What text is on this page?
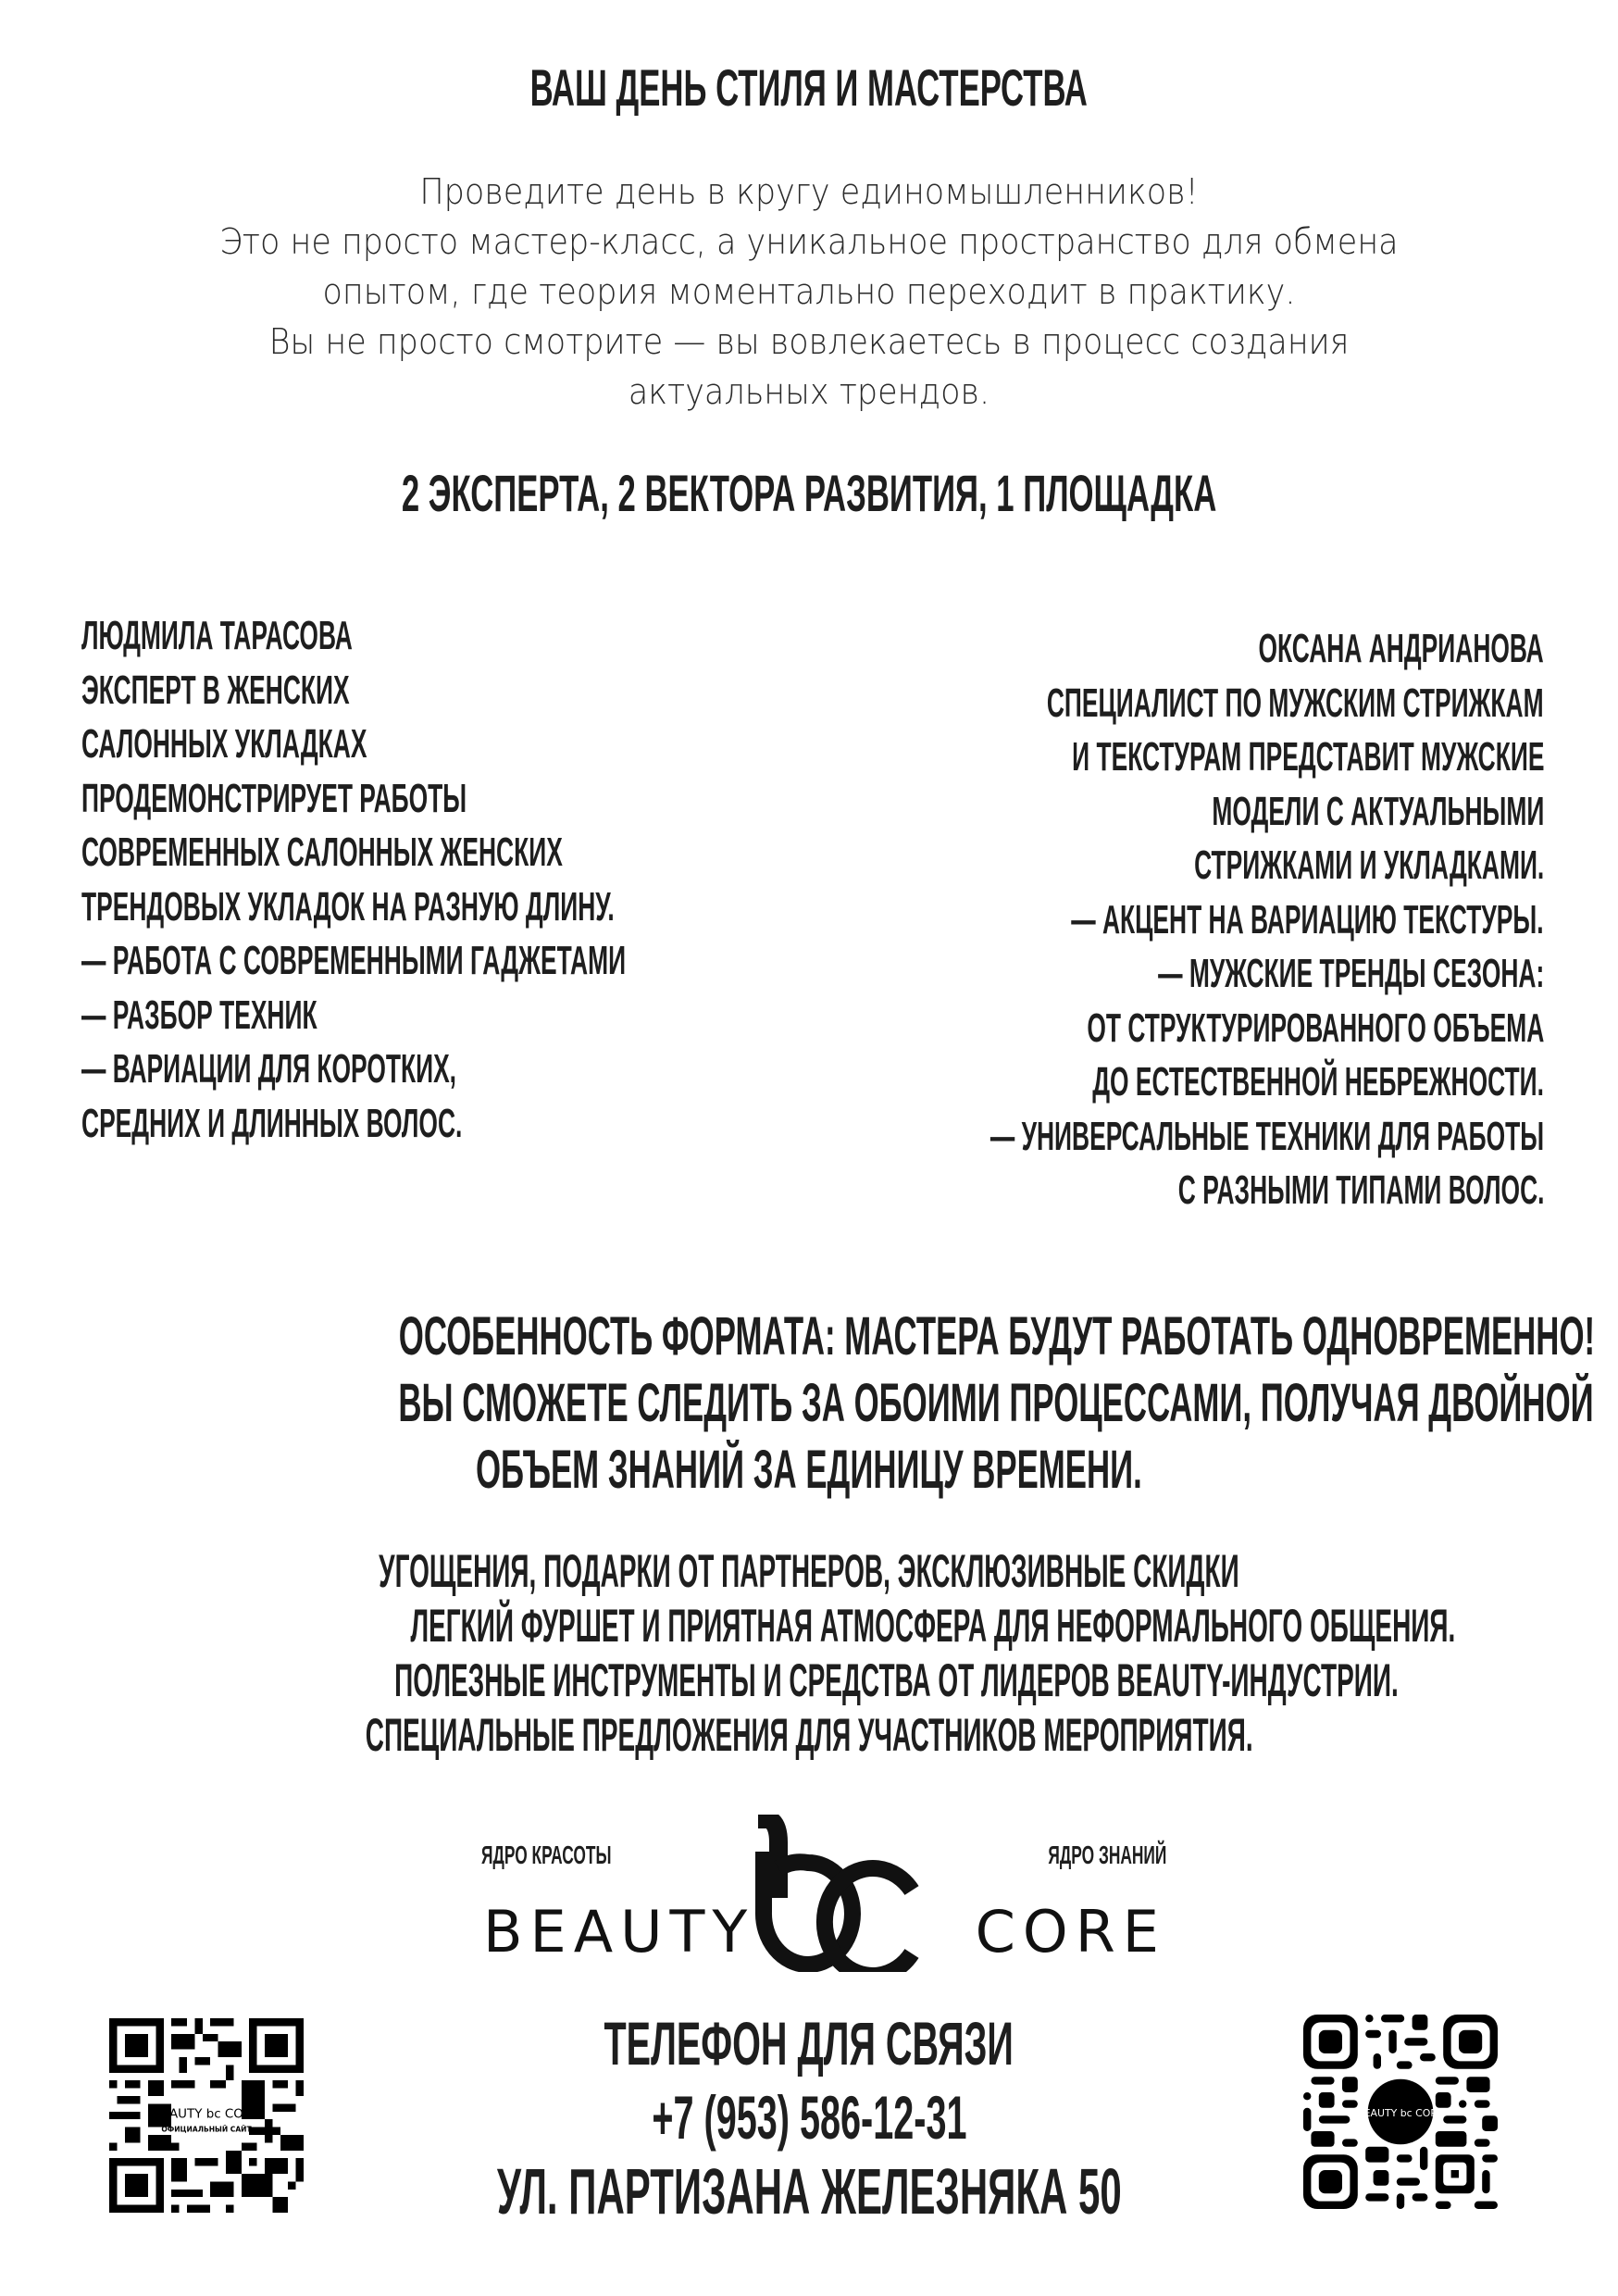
ВАШ ДЕНЬ СТИЛЯ И МАСТЕРСТВА
Проведите день в кругу единомышленников!
Это не просто мастер-класс, а уникальное пространство для обмена
опытом, где теория моментально переходит в практику.
Вы не просто смотрите — вы вовлекаетесь в процесс создания
актуальных трендов.
2 ЭКСПЕРТА, 2 ВЕКТОРА РАЗВИТИЯ, 1 ПЛОЩАДКА
ЛЮДМИЛА ТАРАСОВА
ЭКСПЕРТ В ЖЕНСКИХ
САЛОННЫХ УКЛАДКАХ
ПРОДЕМОНСТРИРУЕТ РАБОТЫ
СОВРЕМЕННЫХ САЛОННЫХ ЖЕНСКИХ
ТРЕНДОВЫХ УКЛАДОК НА РАЗНУЮ ДЛИНУ.
— РАБОТА С СОВРЕМЕННЫМИ ГАДЖЕТАМИ
— РАЗБОР ТЕХНИК
— ВАРИАЦИИ ДЛЯ КОРОТКИХ,
СРЕДНИХ И ДЛИННЫХ ВОЛОС.
ОКСАНА АНДРИАНОВА
СПЕЦИАЛИСТ ПО МУЖСКИМ СТРИЖКАМ
И ТЕКСТУРАМ ПРЕДСТАВИТ МУЖСКИЕ
МОДЕЛИ С АКТУАЛЬНЫМИ
СТРИЖКАМИ И УКЛАДКАМИ.
— АКЦЕНТ НА ВАРИАЦИЮ ТЕКСТУРЫ.
— МУЖСКИЕ ТРЕНДЫ СЕЗОНА:
ОТ СТРУКТУРИРОВАННОГО ОБЪЕМА
ДО ЕСТЕСТВЕННОЙ НЕБРЕЖНОСТИ.
— УНИВЕРСАЛЬНЫЕ ТЕХНИКИ ДЛЯ РАБОТЫ
С РАЗНЫМИ ТИПАМИ ВОЛОС.
ОСОБЕННОСТЬ ФОРМАТА: МАСТЕРА БУДУТ РАБОТАТЬ ОДНОВРЕМЕННО!
ВЫ СМОЖЕТЕ СЛЕДИТЬ ЗА ОБОИМИ ПРОЦЕССАМИ, ПОЛУЧАЯ ДВОЙНОЙ
ОБЪЕМ ЗНАНИЙ ЗА ЕДИНИЦУ ВРЕМЕНИ.
УГОЩЕНИЯ, ПОДАРКИ ОТ ПАРТНЕРОВ, ЭКСКЛЮЗИВНЫЕ СКИДКИ
ЛЕГКИЙ ФУРШЕТ И ПРИЯТНАЯ АТМОСФЕРА ДЛЯ НЕФОРМАЛЬНОГО ОБЩЕНИЯ.
ПОЛЕЗНЫЕ ИНСТРУМЕНТЫ И СРЕДСТВА ОТ ЛИДЕРОВ BEAUTY-ИНДУСТРИИ.
СПЕЦИАЛЬНЫЕ ПРЕДЛОЖЕНИЯ ДЛЯ УЧАСТНИКОВ МЕРОПРИЯТИЯ.
ЯДРО КРАСОТЫ	ЯДРО ЗНАНИЙ
BEAUTY	CORE
BEAUTY bc CORE
ТЕЛЕФОН ДЛЯ СВЯЗИ
+7 (953) 586-12-31
УЛ. ПАРТИЗАНА ЖЕЛЕЗНЯКА 50
BEAUTY bc CORE
